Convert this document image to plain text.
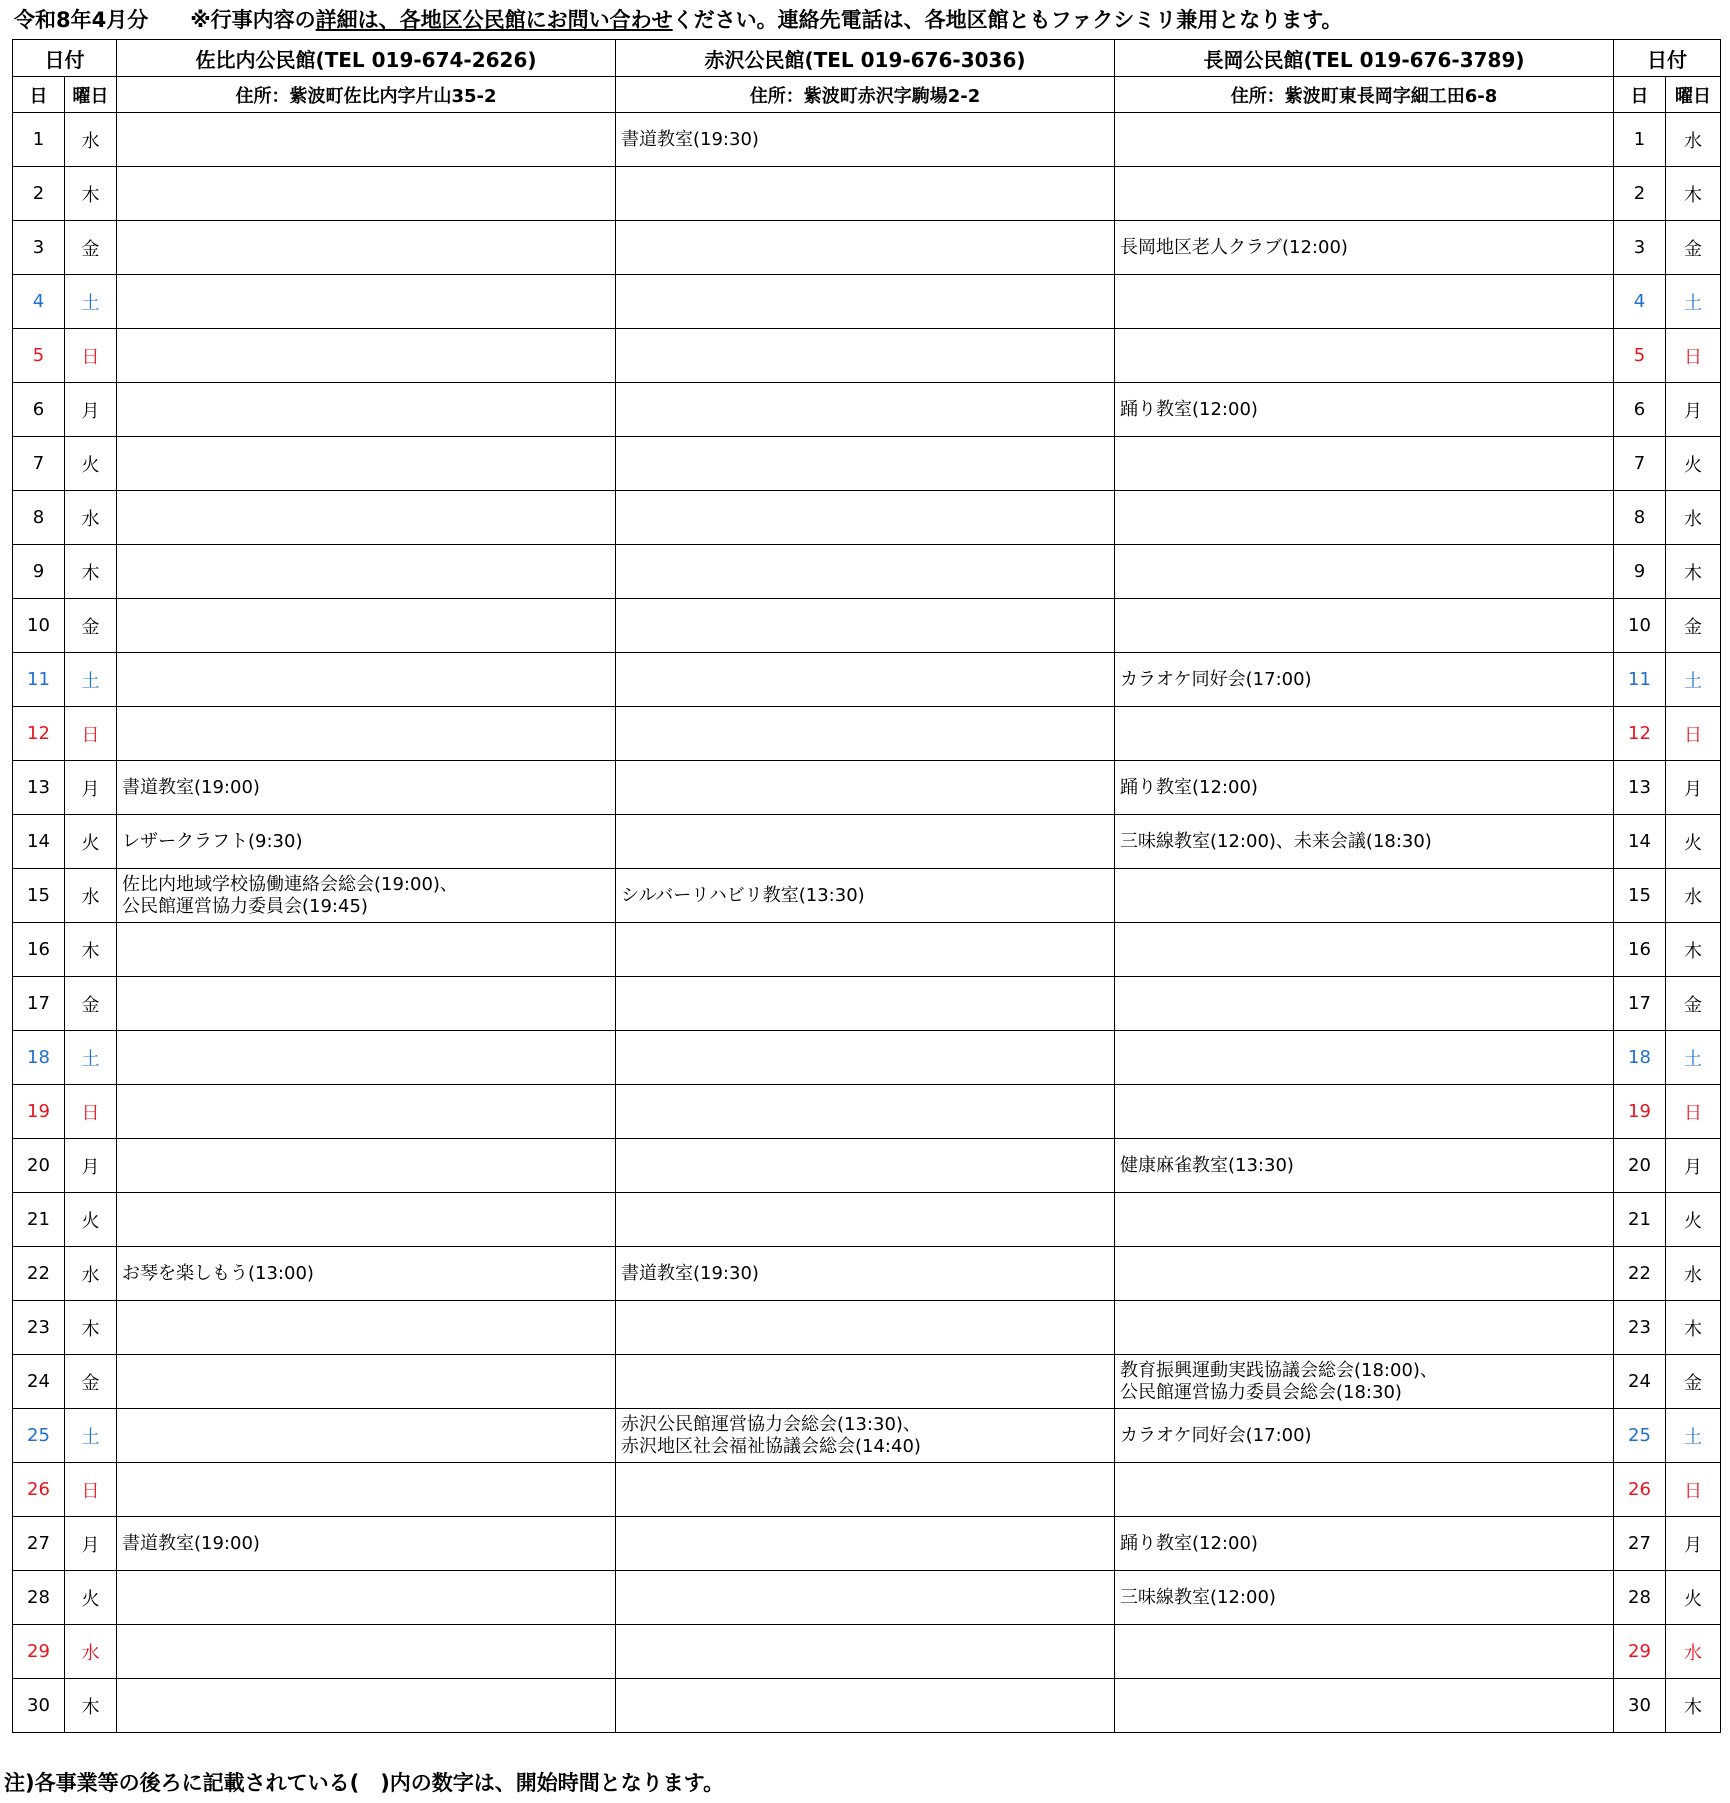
令和8年4月分　　※行事内容の詳細は、各地区公民館にお問い合わせください。連絡先電話は、各地区館ともファクシミリ兼用となります。
日付		佐比内公民館(TEL 019-674-2626)	赤沢公民館(TEL 019-676-3036)	長岡公民館(TEL 019-676-3789)	日付	
日	曜日	住所：紫波町佐比内字片山35-2	住所：紫波町赤沢字駒場2-2	住所：紫波町東長岡字細工田6-8	日	曜日
1	水		書道教室(19:30)		1	水
2	木				2	木
3	金			長岡地区老人クラブ(12:00)	3	金
4	土				4	土
5	日				5	日
6	月			踊り教室(12:00)	6	月
7	火				7	火
8	水				8	水
9	木				9	木
10	金				10	金
11	土			カラオケ同好会(17:00)	11	土
12	日				12	日
13	月	書道教室(19:00)		踊り教室(12:00)	13	月
14	火	レザークラフト(9:30)		三味線教室(12:00)、未来会議(18:30)	14	火
15	水	佐比内地域学校協働連絡会総会(19:00)、
公民館運営協力委員会(19:45)	シルバーリハビリ教室(13:30)		15	水
16	木				16	木
17	金				17	金
18	土				18	土
19	日				19	日
20	月			健康麻雀教室(13:30)	20	月
21	火				21	火
22	水	お琴を楽しもう(13:00)	書道教室(19:30)		22	水
23	木				23	木
24	金			教育振興運動実践協議会総会(18:00)、
公民館運営協力委員会総会(18:30)	24	金
25	土		赤沢公民館運営協力会総会(13:30)、
赤沢地区社会福祉協議会総会(14:40)	カラオケ同好会(17:00)	25	土
26	日				26	日
27	月	書道教室(19:00)		踊り教室(12:00)	27	月
28	火			三味線教室(12:00)	28	火
29	水				29	水
30	木				30	木
注)各事業等の後ろに記載されている(　)内の数字は、開始時間となります。
